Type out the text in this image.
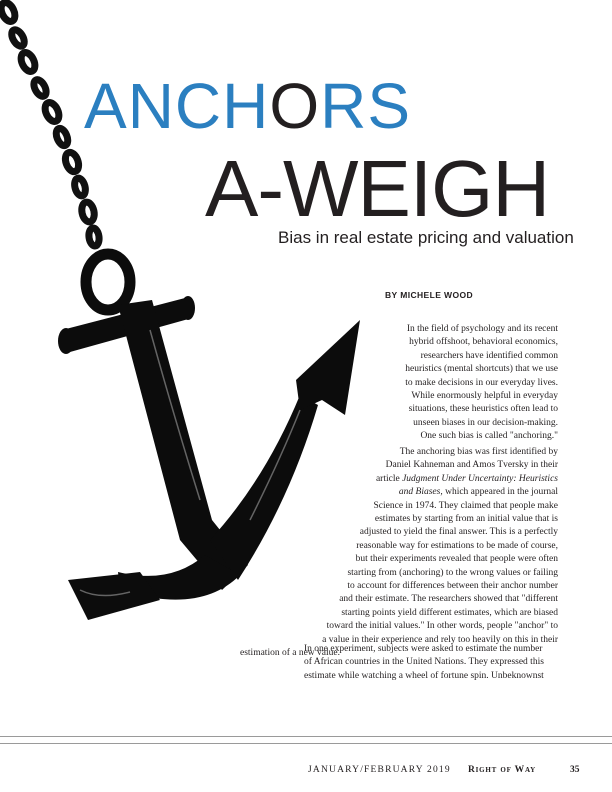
ANCHORS
A-WEIGH
Bias in real estate pricing and valuation
BY MICHELE WOOD
In the field of psychology and its recent
hybrid offshoot, behavioral economics,
researchers have identified common
heuristics (mental shortcuts) that we use
to make decisions in our everyday lives.
While enormously helpful in everyday
situations, these heuristics often lead to
unseen biases in our decision-making.
One such bias is called "anchoring."
The anchoring bias was first identified by
Daniel Kahneman and Amos Tversky in their
article Judgment Under Uncertainty: Heuristics
and Biases, which appeared in the journal
Science in 1974. They claimed that people make
estimates by starting from an initial value that is
adjusted to yield the final answer. This is a perfectly
reasonable way for estimations to be made of course,
but their experiments revealed that people were often
starting from (anchoring) to the wrong values or failing
to account for differences between their anchor number
and their estimate. The researchers showed that "different
starting points yield different estimates, which are biased
toward the initial values." In other words, people "anchor" to
a value in their experience and rely too heavily on this in their
estimation of a new value.
In one experiment, subjects were asked to estimate the number
of African countries in the United Nations. They expressed this
estimate while watching a wheel of fortune spin. Unbeknownst
JANUARY/FEBRUARY 2019 Right of Way	35
